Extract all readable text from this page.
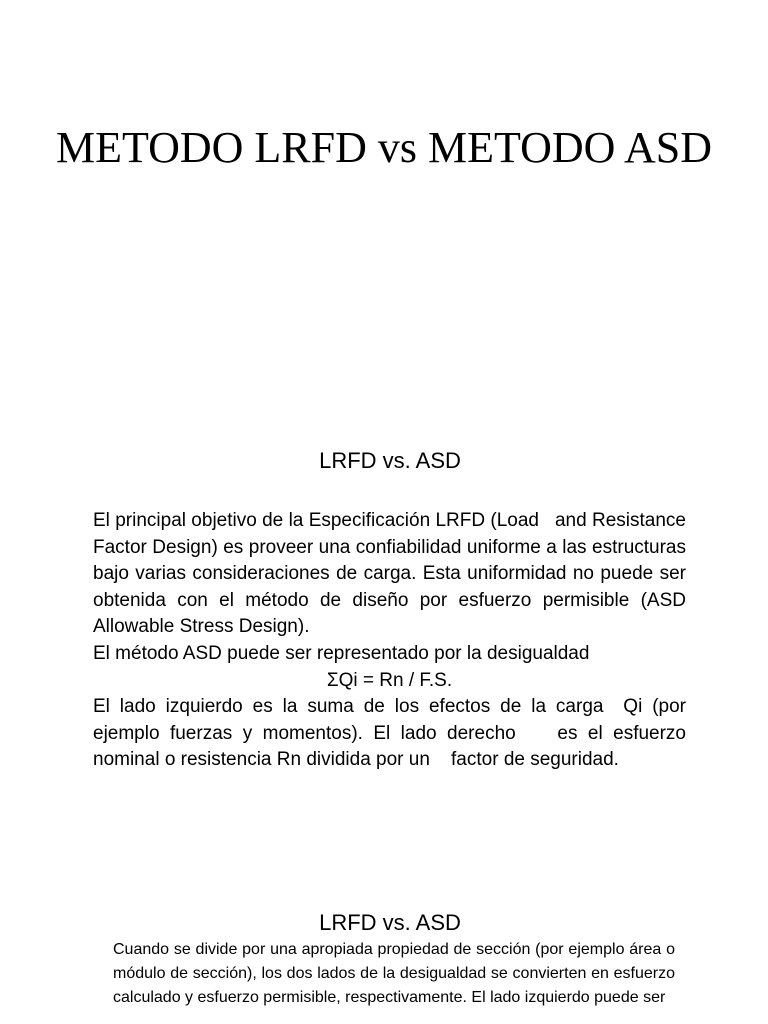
METODO LRFD vs METODO ASD
LRFD vs. ASD

El principal objetivo de la Especificación LRFD (Load   and Resistance Factor Design) es proveer una confiabilidad uniforme a las estructuras bajo varias consideraciones de carga. Esta uniformidad no puede ser obtenida con el método de diseño por esfuerzo permisible (ASD Allowable Stress Design).

El método ASD puede ser representado por la desigualdad

ΣQi = Rn / F.S.

El lado izquierdo es la suma de los efectos de la carga  Qi (por ejemplo fuerzas y momentos). El lado derecho    es el esfuerzo nominal o resistencia Rn dividida por un    factor de seguridad.

LRFD vs. ASD

Cuando se divide por una apropiada propiedad de sección (por ejemplo área o módulo de sección), los dos lados de la desigualdad se convierten en esfuerzo calculado y esfuerzo permisible, respectivamente. El lado izquierdo puede ser
